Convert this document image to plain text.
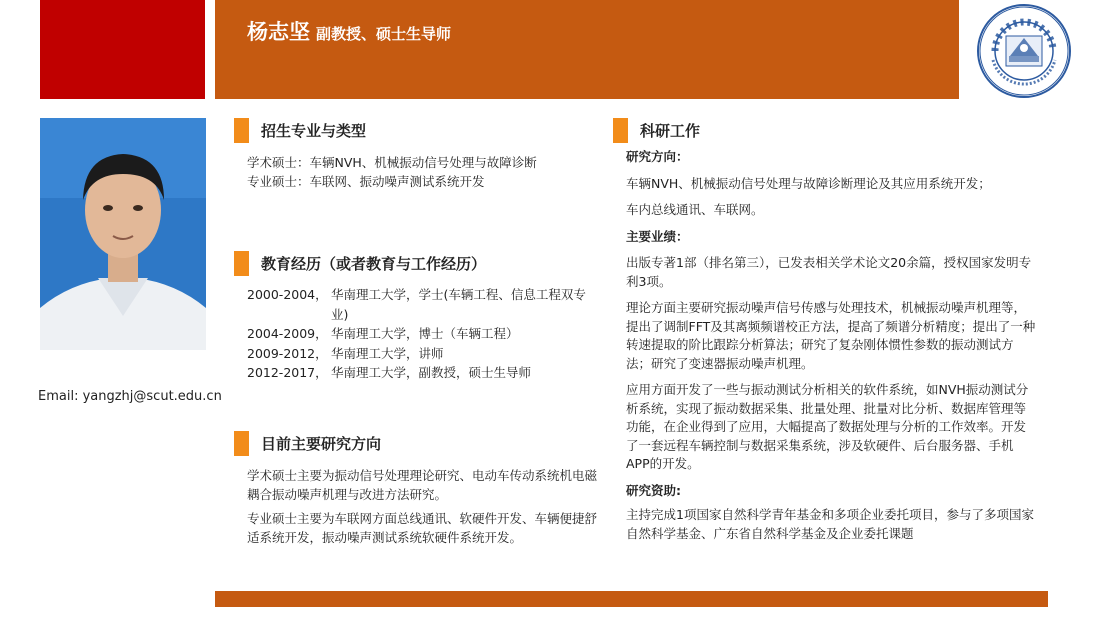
杨志坚 副教授、硕士生导师
Email: yangzhj@scut.edu.cn
招生专业与类型
学术硕士：车辆NVH、机械振动信号处理与故障诊断
专业硕士：车联网、振动噪声测试系统开发
教育经历（或者教育与工作经历）
2000-2004， 华南理工大学，学士(车辆工程、信息工程双专业)
2004-2009， 华南理工大学，博士（车辆工程）
2009-2012， 华南理工大学，讲师
2012-2017， 华南理工大学，副教授，硕士生导师
目前主要研究方向

学术硕士主要为振动信号处理理论研究、电动车传动系统机电磁耦合振动噪声机理与改进方法研究。

专业硕士主要为车联网方面总线通讯、软硬件开发、车辆便捷舒适系统开发，振动噪声测试系统软硬件系统开发。

科研工作
研究方向：
车辆NVH、机械振动信号处理与故障诊断理论及其应用系统开发；
车内总线通讯、车联网。
主要业绩：

出版专著1部（排名第三），已发表相关学术论文20余篇，授权国家发明专利3项。

理论方面主要研究振动噪声信号传感与处理技术，机械振动噪声机理等，提出了调制FFT及其离频频谱校正方法，提高了频谱分析精度；提出了一种转速提取的阶比跟踪分析算法；研究了复杂刚体惯性参数的振动测试方法；研究了变速器振动噪声机理。

应用方面开发了一些与振动测试分析相关的软件系统，如NVH振动测试分析系统，实现了振动数据采集、批量处理、批量对比分析、数据库管理等功能，在企业得到了应用，大幅提高了数据处理与分析的工作效率。开发了一套远程车辆控制与数据采集系统，涉及软硬件、后台服务器、手机APP的开发。

研究资助:

主持完成1项国家自然科学青年基金和多项企业委托项目，参与了多项国家自然科学基金、广东省自然科学基金及企业委托课题
